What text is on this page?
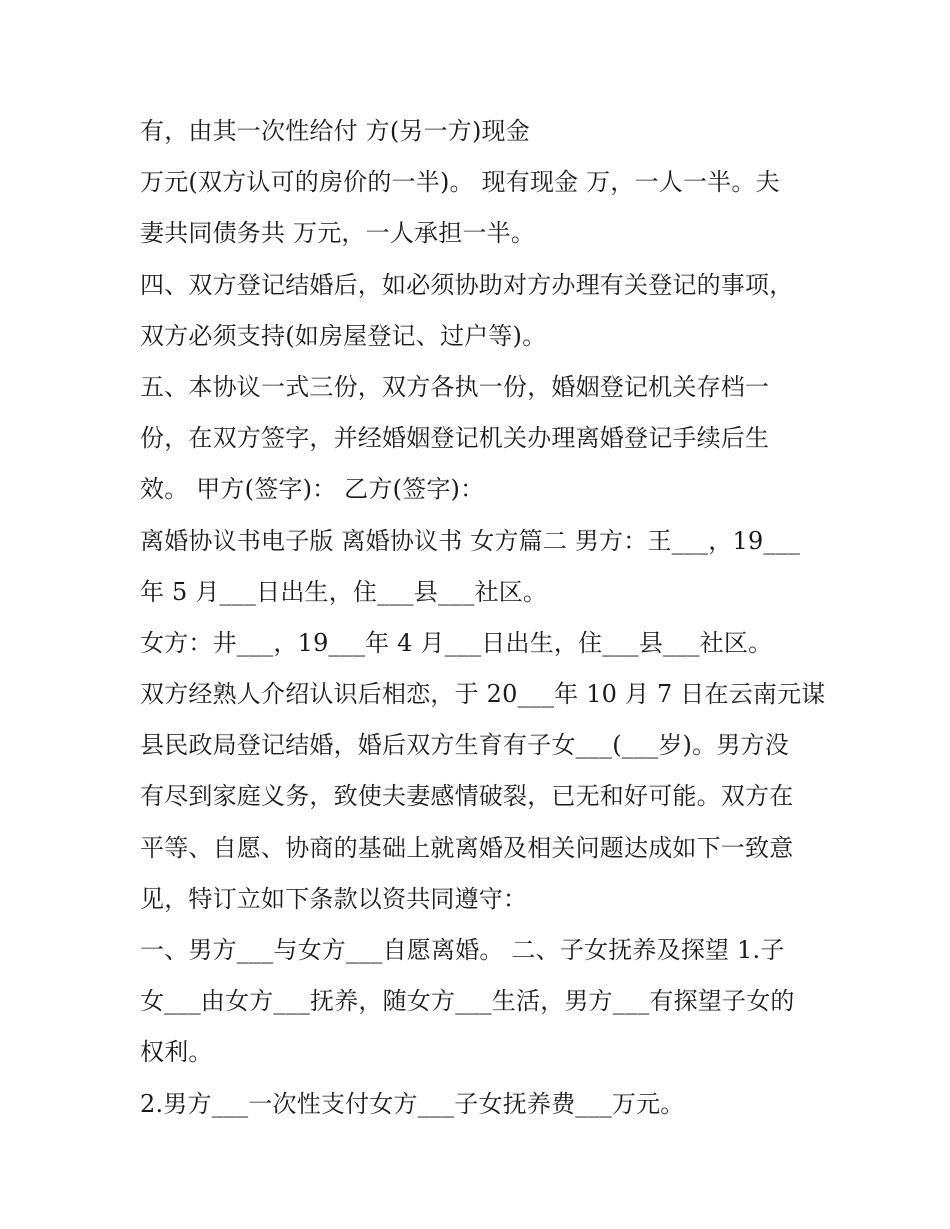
有，由其一次性给付 方(另一方)现金
万元(双方认可的房价的一半)。 现有现金 万，一人一半。夫
妻共同债务共 万元，一人承担一半。
四、双方登记结婚后，如必须协助对方办理有关登记的事项，
双方必须支持(如房屋登记、过户等)。
五、本协议一式三份，双方各执一份，婚姻登记机关存档一
份，在双方签字，并经婚姻登记机关办理离婚登记手续后生
效。 甲方(签字)： 乙方(签字)：
离婚协议书电子版 离婚协议书 女方篇二 男方：王___，19___
年 5 月___日出生，住___县___社区。
女方：井___，19___年 4 月___日出生，住___县___社区。
双方经熟人介绍认识后相恋，于 20___年 10 月 7 日在云南元谋
县民政局登记结婚，婚后双方生育有子女___(___岁)。男方没
有尽到家庭义务，致使夫妻感情破裂，已无和好可能。双方在
平等、自愿、协商的基础上就离婚及相关问题达成如下一致意
见，特订立如下条款以资共同遵守：
一、男方___与女方___自愿离婚。 二、子女抚养及探望 1.子
女___由女方___抚养，随女方___生活，男方___有探望子女的
权利。
2.男方___一次性支付女方___子女抚养费___万元。
